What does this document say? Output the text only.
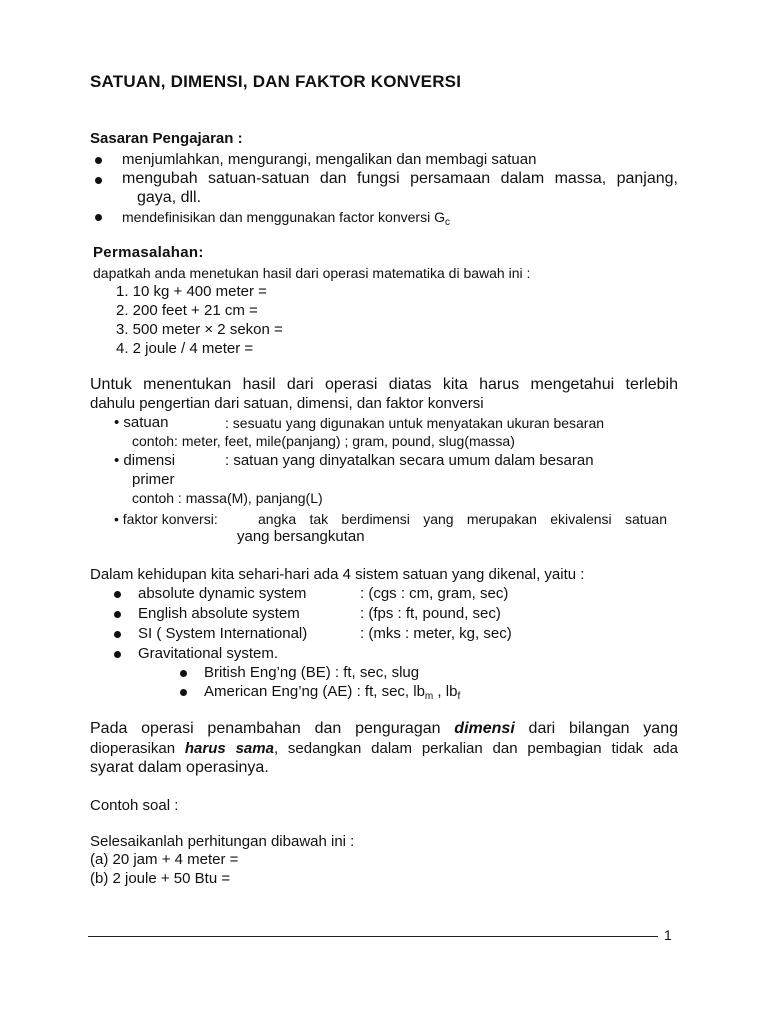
SATUAN, DIMENSI, DAN FAKTOR KONVERSI
Sasaran Pengajaran :
menjumlahkan, mengurangi, mengalikan dan membagi satuan
mengubah satuan-satuan dan fungsi persamaan dalam massa, panjang,
gaya, dll.
mendefinisikan dan menggunakan factor konversi $G_c$
Permasalahan:
dapatkah anda menetukan hasil dari operasi matematika di bawah ini :
1. 10 kg + 400 meter =
2. 200 feet + 21 cm =
3. 500 meter × 2 sekon =
4. 2 joule / 4 meter =
Untuk menentukan hasil dari operasi diatas kita harus mengetahui terlebih
dahulu pengertian dari satuan, dimensi, dan faktor konversi
• satuan	: sesuatu yang digunakan untuk menyatakan ukuran besaran
contoh: meter, feet, mile(panjang) ; gram, pound, slug(massa)
• dimensi	: satuan yang dinyatalkan secara umum dalam besaran
primer
contoh : massa(M), panjang(L)
• faktor konversi:	angka tak berdimensi yang merupakan ekivalensi satuan
yang bersangkutan
Dalam kehidupan kita sehari-hari ada 4 sistem satuan yang dikenal, yaitu :
absolute dynamic system	: (cgs : cm, gram, sec)
English absolute system	: (fps : ft, pound, sec)
SI ( System International)	: (mks : meter, kg, sec)
Gravitational system.
British Eng’ng (BE) : ft, sec, slug
American Eng’ng (AE) : ft, sec, $lb_m$ , $lb_f$
Pada operasi penambahan dan penguragan dimensi dari bilangan yang
dioperasikan harus sama, sedangkan dalam perkalian dan pembagian tidak ada
syarat dalam operasinya.
Contoh soal :
Selesaikanlah perhitungan dibawah ini :
(a) 20 jam + 4 meter =
(b) 2 joule + 50 Btu =
1
